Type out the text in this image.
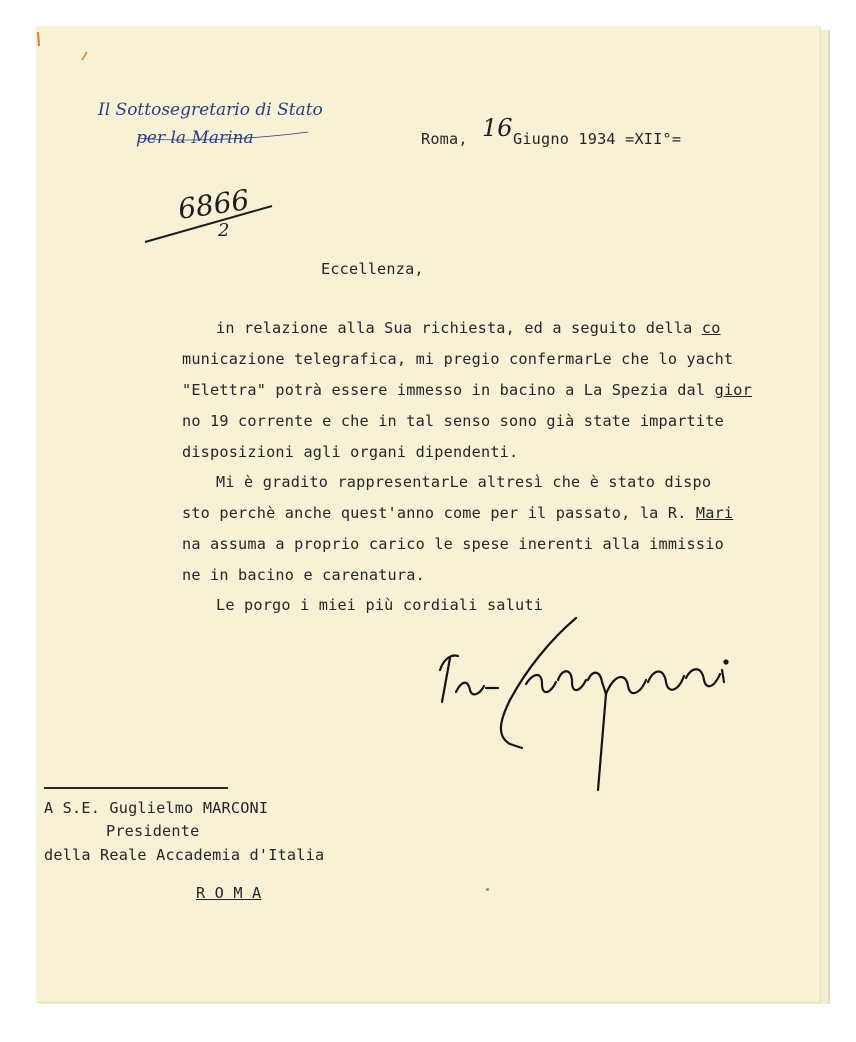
Il Sottosegretario di Stato
per la Marina	Roma, 16 Giugno 1934 =XII°=
6866
2
Eccellenza,
in relazione alla Sua richiesta, ed a seguito della co
municazione telegrafica, mi pregio confermarLe che lo yacht
"Elettra" potrà essere immesso in bacino a La Spezia dal gior
no 19 corrente e che in tal senso sono già state impartite
disposizioni agli organi dipendenti.
Mi è gradito rappresentarLe altresì che è stato dispo
sto perchè anche quest'anno come per il passato, la R. Mari
na assuma a proprio carico le spese inerenti alla immissio
ne in bacino e carenatura.
Le porgo i miei più cordiali saluti
A S.E. Guglielmo MARCONI
Presidente
della Reale Accademia d'Italia
R O M A
